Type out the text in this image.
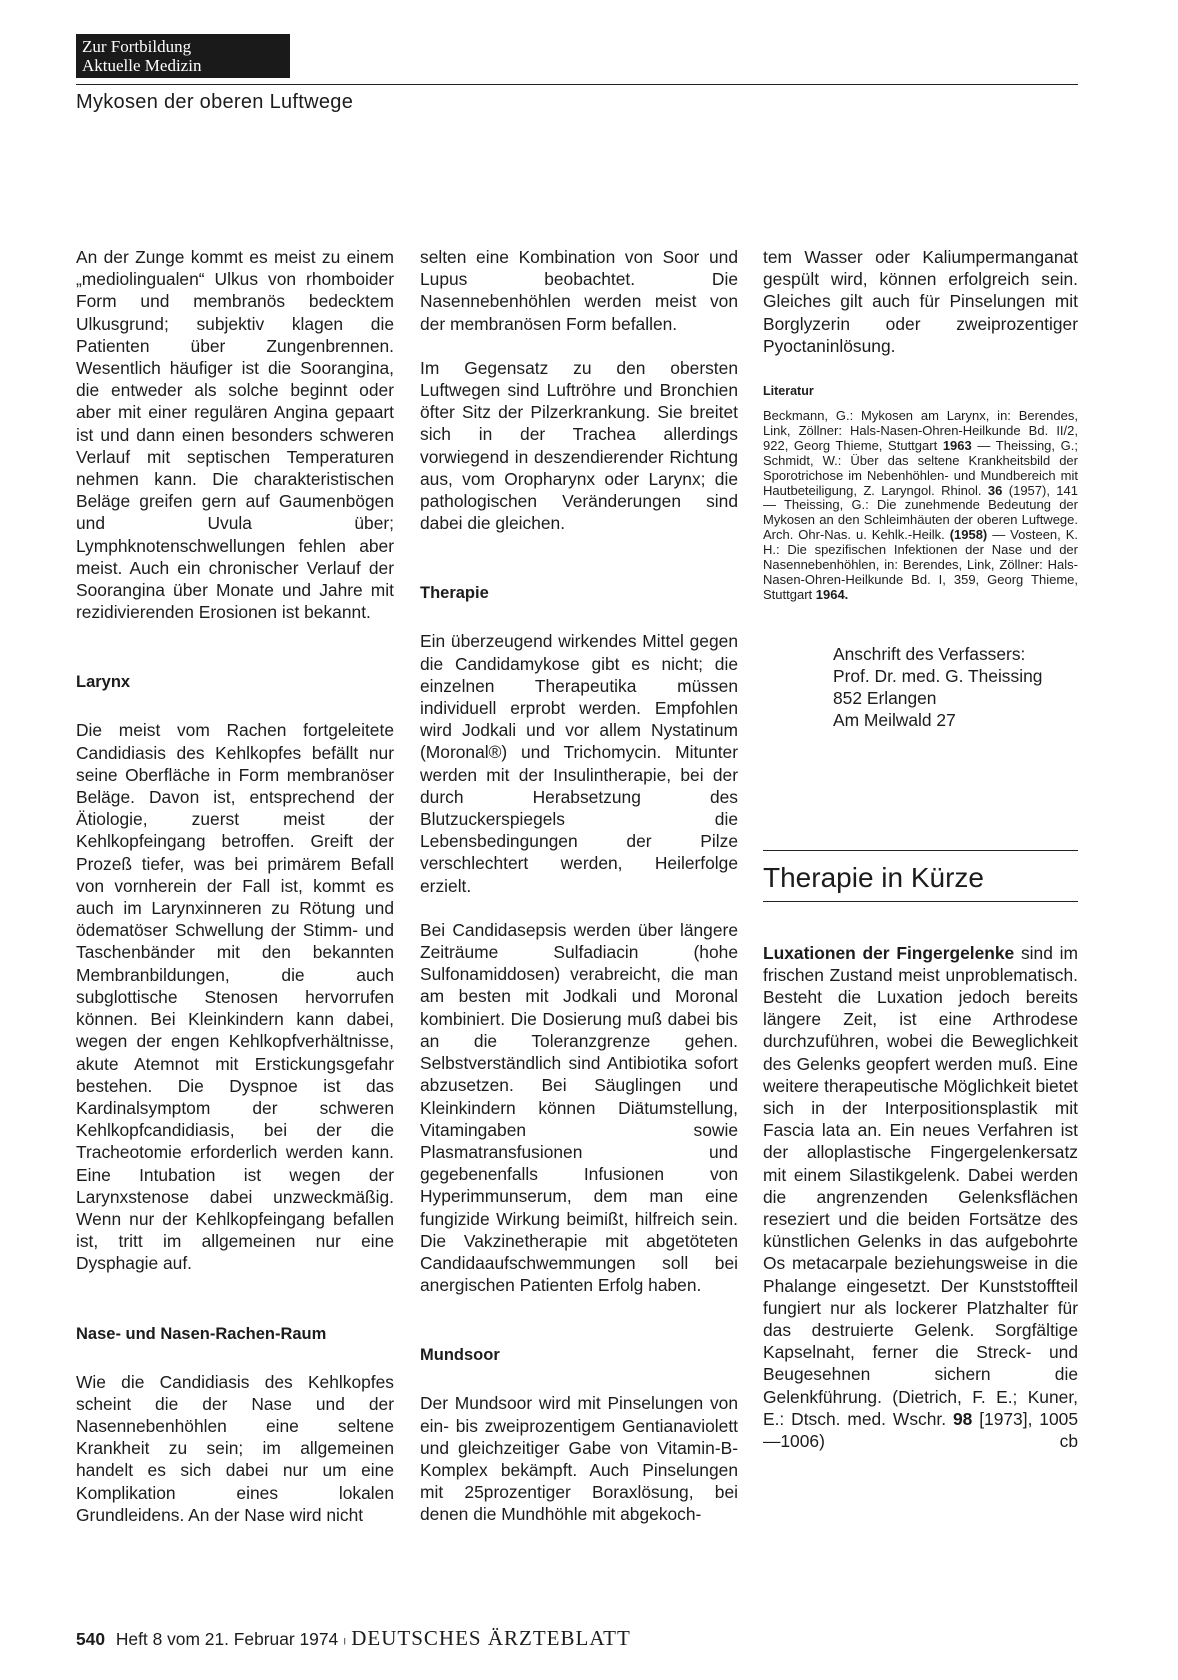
Zur Fortbildung
Aktuelle Medizin
Mykosen der oberen Luftwege

An der Zunge kommt es meist zu einem „mediolingualen“ Ulkus von rhomboider Form und membranös bedecktem Ulkusgrund; subjektiv klagen die Patienten über Zungenbrennen. Wesentlich häufiger ist die Soorangina, die entweder als solche beginnt oder aber mit einer regulären Angina gepaart ist und dann einen besonders schweren Verlauf mit septischen Temperaturen nehmen kann. Die charakteristischen Beläge greifen gern auf Gaumenbögen und Uvula über; Lymphknotenschwellungen fehlen aber meist. Auch ein chronischer Verlauf der Soorangina über Monate und Jahre mit rezidivierenden Erosionen ist bekannt.

Larynx

Die meist vom Rachen fortgeleitete Candidiasis des Kehlkopfes befällt nur seine Oberfläche in Form membranöser Beläge. Davon ist, entsprechend der Ätiologie, zuerst meist der Kehlkopfeingang betroffen. Greift der Prozeß tiefer, was bei primärem Befall von vornherein der Fall ist, kommt es auch im Larynxinneren zu Rötung und ödematöser Schwellung der Stimm- und Taschenbänder mit den bekannten Membranbildungen, die auch subglottische Stenosen hervorrufen können. Bei Kleinkindern kann dabei, wegen der engen Kehlkopfverhältnisse, akute Atemnot mit Erstickungsgefahr bestehen. Die Dyspnoe ist das Kardinalsymptom der schweren Kehlkopfcandidiasis, bei der die Tracheotomie erforderlich werden kann. Eine Intubation ist wegen der Larynxstenose dabei unzweckmäßig. Wenn nur der Kehlkopfeingang befallen ist, tritt im allgemeinen nur eine Dysphagie auf.

Nase- und Nasen-Rachen-Raum

Wie die Candidiasis des Kehlkopfes scheint die der Nase und der Nasennebenhöhlen eine seltene Krankheit zu sein; im allgemeinen handelt es sich dabei nur um eine Komplikation eines lokalen Grundleidens. An der Nase wird nicht

selten eine Kombination von Soor und Lupus beobachtet. Die Nasennebenhöhlen werden meist von der membranösen Form befallen.

Im Gegensatz zu den obersten Luftwegen sind Luftröhre und Bronchien öfter Sitz der Pilzerkrankung. Sie breitet sich in der Trachea allerdings vorwiegend in deszendierender Richtung aus, vom Oropharynx oder Larynx; die pathologischen Veränderungen sind dabei die gleichen.

Therapie

Ein überzeugend wirkendes Mittel gegen die Candidamykose gibt es nicht; die einzelnen Therapeutika müssen individuell erprobt werden. Empfohlen wird Jodkali und vor allem Nystatinum (Moronal®) und Trichomycin. Mitunter werden mit der Insulintherapie, bei der durch Herabsetzung des Blutzuckerspiegels die Lebensbedingungen der Pilze verschlechtert werden, Heilerfolge erzielt.

Bei Candidasepsis werden über längere Zeiträume Sulfadiacin (hohe Sulfonamiddosen) verabreicht, die man am besten mit Jodkali und Moronal kombiniert. Die Dosierung muß dabei bis an die Toleranzgrenze gehen. Selbstverständlich sind Antibiotika sofort abzusetzen. Bei Säuglingen und Kleinkindern können Diätumstellung, Vitamingaben sowie Plasmatransfusionen und gegebenenfalls Infusionen von Hyperimmunserum, dem man eine fungizide Wirkung beimißt, hilfreich sein. Die Vakzinetherapie mit abgetöteten Candidaaufschwemmungen soll bei anergischen Patienten Erfolg haben.

Mundsoor

Der Mundsoor wird mit Pinselungen von ein- bis zweiprozentigem Gentianaviolett und gleichzeitiger Gabe von Vitamin-B-Komplex bekämpft. Auch Pinselungen mit 25prozentiger Boraxlösung, bei denen die Mundhöhle mit abgekoch-

tem Wasser oder Kaliumpermanganat gespült wird, können erfolgreich sein. Gleiches gilt auch für Pinselungen mit Borglyzerin oder zweiprozentiger Pyoctaninlösung.

Literatur

Beckmann, G.: Mykosen am Larynx, in: Berendes, Link, Zöllner: Hals-Nasen-Ohren-Heilkunde Bd. II/2, 922, Georg Thieme, Stuttgart 1963 — Theissing, G.; Schmidt, W.: Über das seltene Krankheitsbild der Sporotrichose im Nebenhöhlen- und Mundbereich mit Hautbeteiligung, Z. Laryngol. Rhinol. 36 (1957), 141 — Theissing, G.: Die zunehmende Bedeutung der Mykosen an den Schleimhäuten der oberen Luftwege. Arch. Ohr-Nas. u. Kehlk.-Heilk. (1958) — Vosteen, K. H.: Die spezifischen Infektionen der Nase und der Nasennebenhöhlen, in: Berendes, Link, Zöllner: Hals-Nasen-Ohren-Heilkunde Bd. I, 359, Georg Thieme, Stuttgart 1964.

Anschrift des Verfassers:
Prof. Dr. med. G. Theissing
852 Erlangen
Am Meilwald 27
Therapie in Kürze

Luxationen der Fingergelenke sind im frischen Zustand meist unproblematisch. Besteht die Luxation jedoch bereits längere Zeit, ist eine Arthrodese durchzuführen, wobei die Beweglichkeit des Gelenks geopfert werden muß. Eine weitere therapeutische Möglichkeit bietet sich in der Interpositionsplastik mit Fascia lata an. Ein neues Verfahren ist der alloplastische Fingergelenkersatz mit einem Silastikgelenk. Dabei werden die angrenzenden Gelenksflächen reseziert und die beiden Fortsätze des künstlichen Gelenks in das aufgebohrte Os metacarpale beziehungsweise in die Phalange eingesetzt. Der Kunststoffteil fungiert nur als lockerer Platzhalter für das destruierte Gelenk. Sorgfältige Kapselnaht, ferner die Streck- und Beugesehnen sichern die Gelenkführung. (Dietrich, F. E.; Kuner, E.: Dtsch. med. Wschr. 98 [1973], 1005—1006)	cb

540 Heft 8 vom 21. Februar 1974 ı DEUTSCHES ÄRZTEBLATT
